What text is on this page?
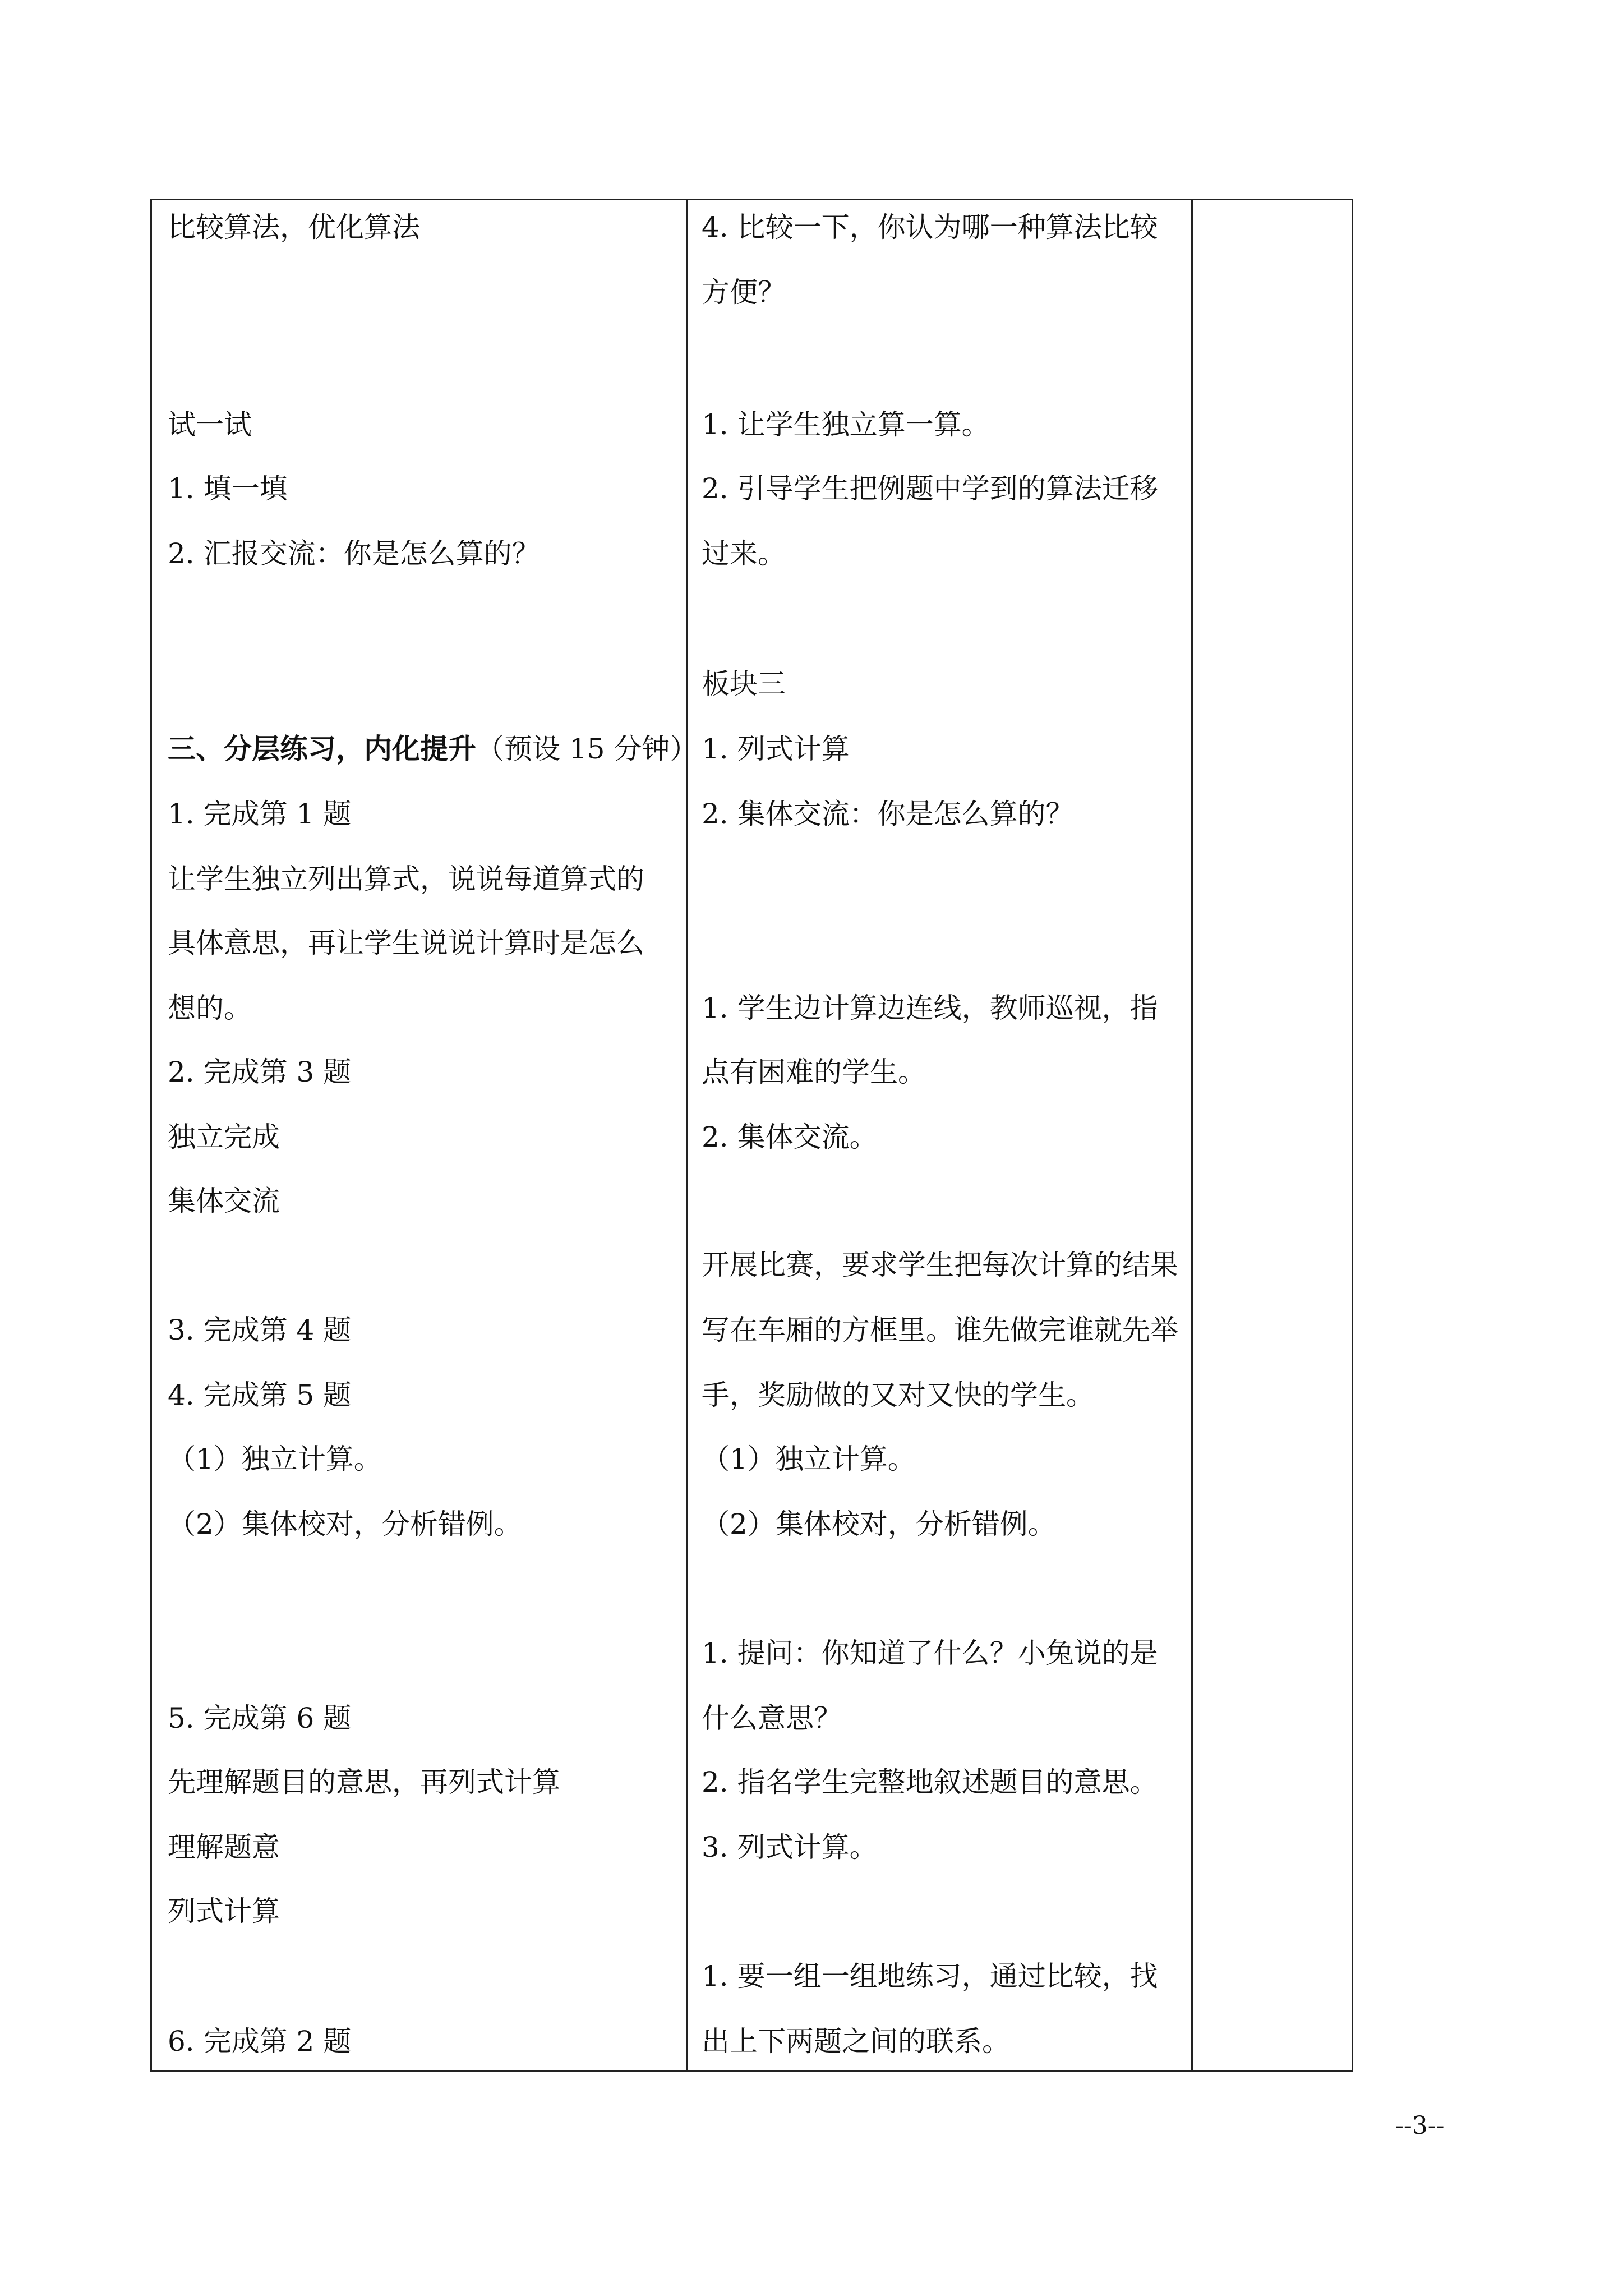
比较算法，优化算法
试一试
1. 填一填
2. 汇报交流：你是怎么算的？
三、分层练习，内化提升（预设 15 分钟）
1. 完成第 1 题
让学生独立列出算式，说说每道算式的
具体意思，再让学生说说计算时是怎么
想的。
2. 完成第 3 题
独立完成
集体交流
3. 完成第 4 题
4. 完成第 5 题
（1）独立计算。
（2）集体校对，分析错例。
5. 完成第 6 题
先理解题目的意思，再列式计算
理解题意
列式计算
6. 完成第 2 题
4. 比较一下，你认为哪一种算法比较
方便？
1. 让学生独立算一算。
2. 引导学生把例题中学到的算法迁移
过来。
板块三
1. 列式计算
2. 集体交流：你是怎么算的？
1. 学生边计算边连线，教师巡视，指
点有困难的学生。
2. 集体交流。
开展比赛，要求学生把每次计算的结果
写在车厢的方框里。谁先做完谁就先举
手，奖励做的又对又快的学生。
（1）独立计算。
（2）集体校对，分析错例。
1. 提问：你知道了什么？小兔说的是
什么意思？
2. 指名学生完整地叙述题目的意思。
3. 列式计算。
1. 要一组一组地练习，通过比较，找
出上下两题之间的联系。
--3--
